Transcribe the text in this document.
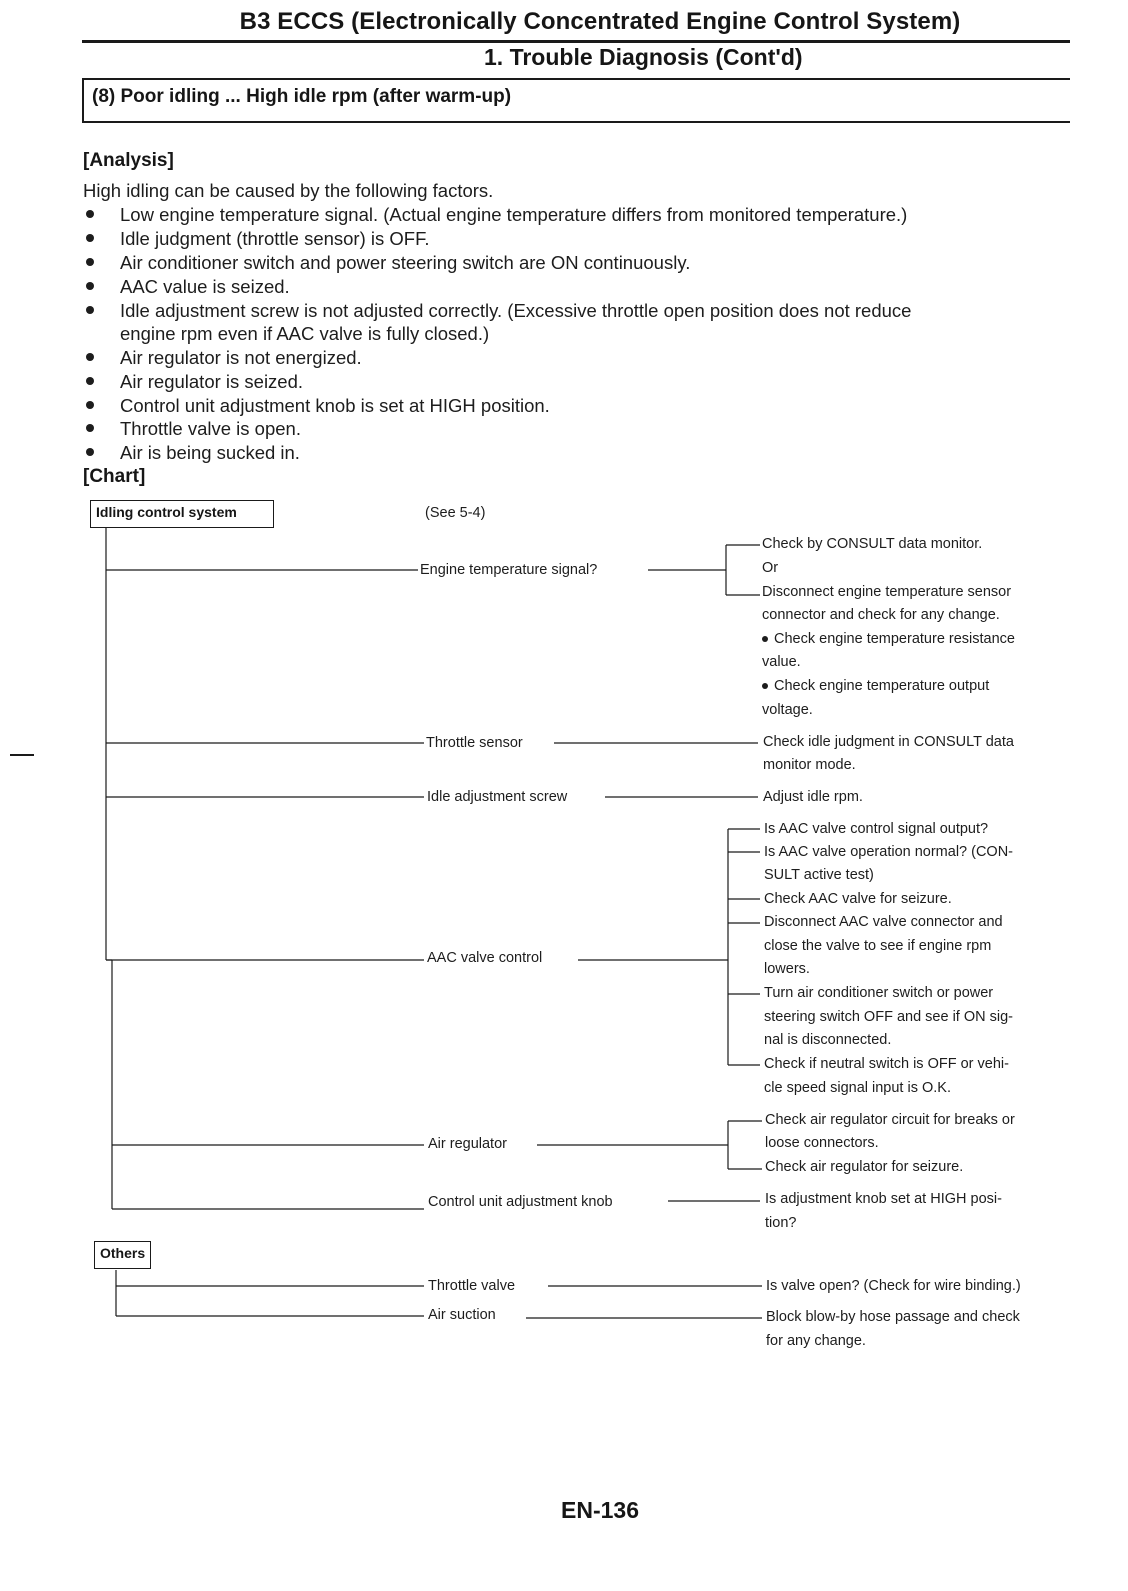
B3 ECCS (Electronically Concentrated Engine Control System)
1. Trouble Diagnosis (Cont'd)
(8) Poor idling ... High idle rpm (after warm-up)
[Analysis]
High idling can be caused by the following factors.
Low engine temperature signal. (Actual engine temperature differs from monitored temperature.)
Idle judgment (throttle sensor) is OFF.
Air conditioner switch and power steering switch are ON continuously.
AAC value is seized.
Idle adjustment screw is not adjusted correctly. (Excessive throttle open position does not reduce
engine rpm even if AAC valve is fully closed.)
Air regulator is not energized.
Air regulator is seized.
Control unit adjustment knob is set at HIGH position.
Throttle valve is open.
Air is being sucked in.
[Chart]
Idling control system	(See 5-4)
Others
Engine temperature signal?
Throttle sensor
Idle adjustment screw
AAC valve control
Air regulator
Control unit adjustment knob
Throttle valve
Air suction
Check by CONSULT data monitor.
Or
Disconnect engine temperature sensor
connector and check for any change.
Check engine temperature resistance
value.
Check engine temperature output
voltage.
Check idle judgment in CONSULT data
monitor mode.
Adjust idle rpm.
Is AAC valve control signal output?
Is AAC valve operation normal? (CON-
SULT active test)
Check AAC valve for seizure.
Disconnect AAC valve connector and
close the valve to see if engine rpm
lowers.
Turn air conditioner switch or power
steering switch OFF and see if ON sig-
nal is disconnected.
Check if neutral switch is OFF or vehi-
cle speed signal input is O.K.
Check air regulator circuit for breaks or
loose connectors.
Check air regulator for seizure.
Is adjustment knob set at HIGH posi-
tion?
Is valve open? (Check for wire binding.)
Block blow-by hose passage and check
for any change.
EN-136
